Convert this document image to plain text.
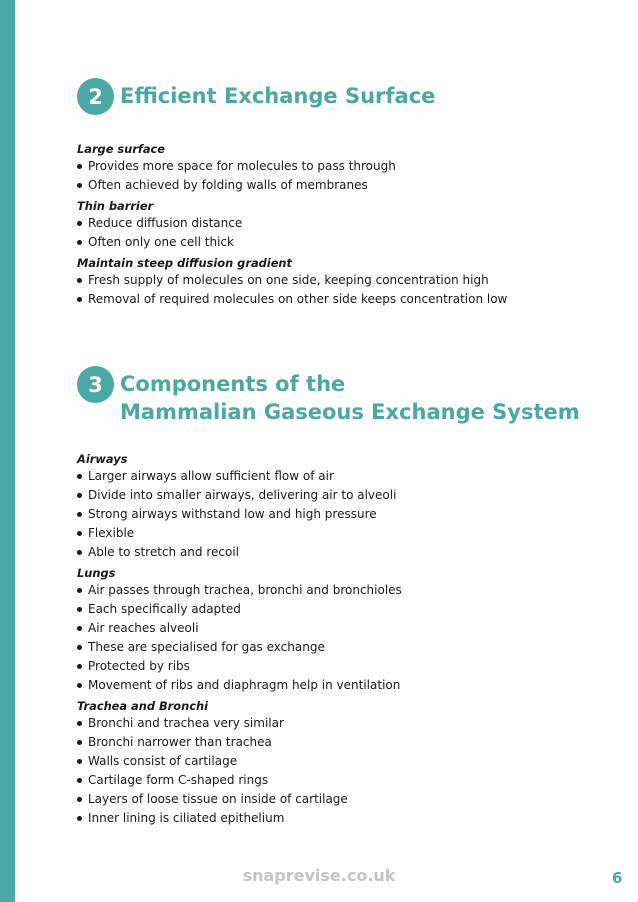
2 Efficient Exchange Surface
Large surface
Provides more space for molecules to pass through
Often achieved by folding walls of membranes
Thin barrier
Reduce diffusion distance
Often only one cell thick
Maintain steep diffusion gradient
Fresh supply of molecules on one side, keeping concentration high
Removal of required molecules on other side keeps concentration low
3 Components of the
Mammalian Gaseous Exchange System
Airways
Larger airways allow sufficient flow of air
Divide into smaller airways, delivering air to alveoli
Strong airways withstand low and high pressure
Flexible
Able to stretch and recoil
Lungs
Air passes through trachea, bronchi and bronchioles
Each specifically adapted
Air reaches alveoli
These are specialised for gas exchange
Protected by ribs
Movement of ribs and diaphragm help in ventilation
Trachea and Bronchi
Bronchi and trachea very similar
Bronchi narrower than trachea
Walls consist of cartilage
Cartilage form C-shaped rings
Layers of loose tissue on inside of cartilage
Inner lining is ciliated epithelium
snaprevise.co.uk	6
